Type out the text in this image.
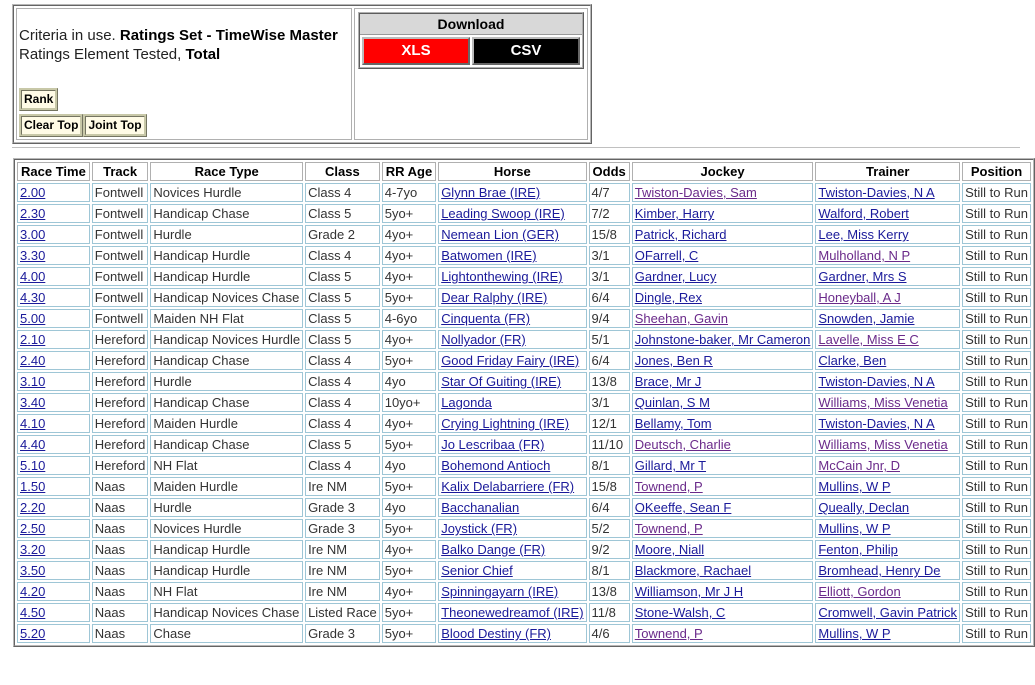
Criteria in use. Ratings Set - TimeWise Master
Ratings Element Tested, Total
Rank
Clear Top Joint Top

Download
XLS	CSV
Race Time	Track	Race Type	Class	RR Age	Horse	Odds	Jockey	Trainer	Position
2.00	Fontwell	Novices Hurdle	Class 4	4-7yo	Glynn Brae (IRE)	4/7	Twiston-Davies, Sam	Twiston-Davies, N A	Still to Run
2.30	Fontwell	Handicap Chase	Class 5	5yo+	Leading Swoop (IRE)	7/2	Kimber, Harry	Walford, Robert	Still to Run
3.00	Fontwell	Hurdle	Grade 2	4yo+	Nemean Lion (GER)	15/8	Patrick, Richard	Lee, Miss Kerry	Still to Run
3.30	Fontwell	Handicap Hurdle	Class 4	4yo+	Batwomen (IRE)	3/1	OFarrell, C	Mulholland, N P	Still to Run
4.00	Fontwell	Handicap Hurdle	Class 5	4yo+	Lightonthewing (IRE)	3/1	Gardner, Lucy	Gardner, Mrs S	Still to Run
4.30	Fontwell	Handicap Novices Chase	Class 5	5yo+	Dear Ralphy (IRE)	6/4	Dingle, Rex	Honeyball, A J	Still to Run
5.00	Fontwell	Maiden NH Flat	Class 5	4-6yo	Cinquenta (FR)	9/4	Sheehan, Gavin	Snowden, Jamie	Still to Run
2.10	Hereford	Handicap Novices Hurdle	Class 5	4yo+	Nollyador (FR)	5/1	Johnstone-baker, Mr Cameron	Lavelle, Miss E C	Still to Run
2.40	Hereford	Handicap Chase	Class 4	5yo+	Good Friday Fairy (IRE)	6/4	Jones, Ben R	Clarke, Ben	Still to Run
3.10	Hereford	Hurdle	Class 4	4yo	Star Of Guiting (IRE)	13/8	Brace, Mr J	Twiston-Davies, N A	Still to Run
3.40	Hereford	Handicap Chase	Class 4	10yo+	Lagonda	3/1	Quinlan, S M	Williams, Miss Venetia	Still to Run
4.10	Hereford	Maiden Hurdle	Class 4	4yo+	Crying Lightning (IRE)	12/1	Bellamy, Tom	Twiston-Davies, N A	Still to Run
4.40	Hereford	Handicap Chase	Class 5	5yo+	Jo Lescribaa (FR)	11/10	Deutsch, Charlie	Williams, Miss Venetia	Still to Run
5.10	Hereford	NH Flat	Class 4	4yo	Bohemond Antioch	8/1	Gillard, Mr T	McCain Jnr, D	Still to Run
1.50	Naas	Maiden Hurdle	Ire NM	5yo+	Kalix Delabarriere (FR)	15/8	Townend, P	Mullins, W P	Still to Run
2.20	Naas	Hurdle	Grade 3	4yo	Bacchanalian	6/4	OKeeffe, Sean F	Queally, Declan	Still to Run
2.50	Naas	Novices Hurdle	Grade 3	5yo+	Joystick (FR)	5/2	Townend, P	Mullins, W P	Still to Run
3.20	Naas	Handicap Hurdle	Ire NM	4yo+	Balko Dange (FR)	9/2	Moore, Niall	Fenton, Philip	Still to Run
3.50	Naas	Handicap Hurdle	Ire NM	5yo+	Senior Chief	8/1	Blackmore, Rachael	Bromhead, Henry De	Still to Run
4.20	Naas	NH Flat	Ire NM	4yo+	Spinningayarn (IRE)	13/8	Williamson, Mr J H	Elliott, Gordon	Still to Run
4.50	Naas	Handicap Novices Chase	Listed Race	5yo+	Theonewedreamof (IRE)	11/8	Stone-Walsh, C	Cromwell, Gavin Patrick	Still to Run
5.20	Naas	Chase	Grade 3	5yo+	Blood Destiny (FR)	4/6	Townend, P	Mullins, W P	Still to Run
